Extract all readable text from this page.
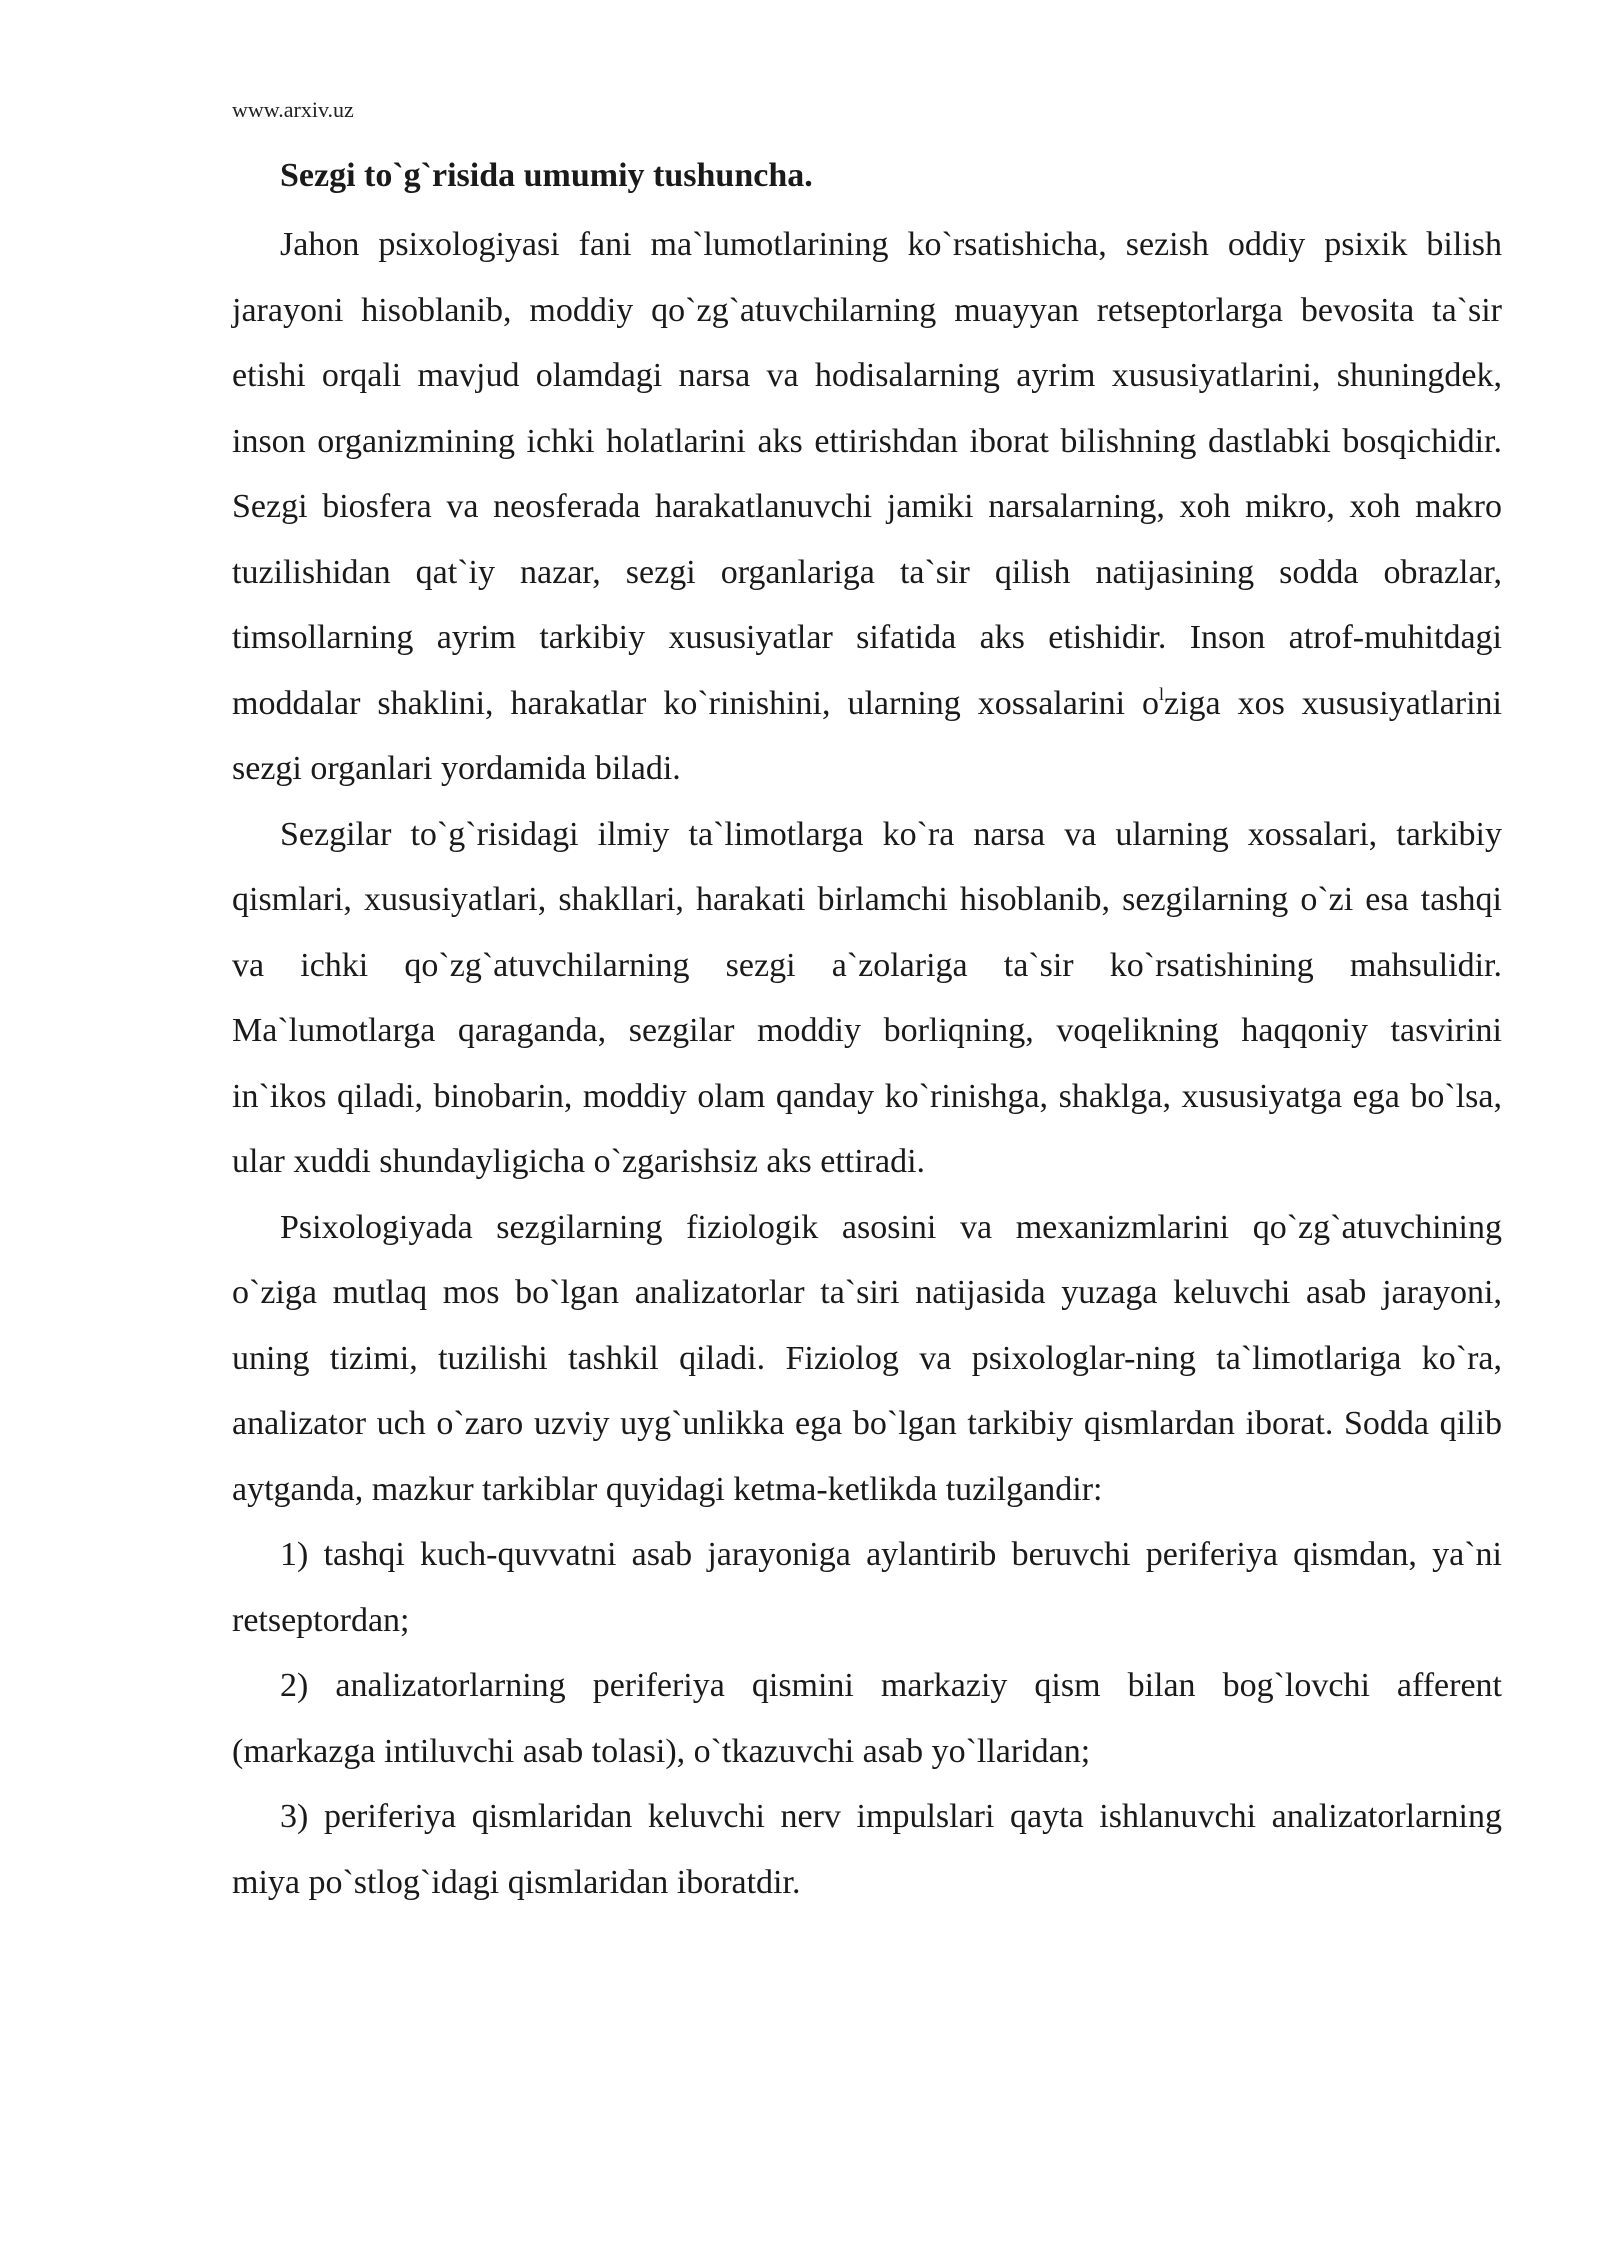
www.arxiv.uz

Sezgi to`g`risida umumiy tushuncha.

Jahon psixologiyasi fani ma`lumotlarining ko`rsatishicha, sezish oddiy psixik bilish jarayoni hisoblanib, moddiy qo`zg`atuvchilarning muayyan retseptorlarga bevosita ta`sir etishi orqali mavjud olamdagi narsa va hodisalarning ayrim xususiyatlarini, shuningdek, inson organizmining ichki holatlarini aks ettirishdan iborat bilishning dastlabki bosqichidir. Sezgi biosfera va neosferada harakatlanuvchi jamiki narsalarning, xoh mikro, xoh makro tuzilishidan qat`iy nazar, sezgi organlariga ta`sir qilish natijasining sodda obrazlar, timsollarning ayrim tarkibiy xususiyatlar sifatida aks etishidir. Inson atrof-muhitdagi moddalar shaklini, harakatlar ko`rinishini, ularning xossalarini $o^lziga$ xos xususiyatlarini sezgi organlari yordamida biladi.

Sezgilar to`g`risidagi ilmiy ta`limotlarga ko`ra narsa va ularning xossalari, tarkibiy qismlari, xususiyatlari, shakllari, harakati birlamchi hisoblanib, sezgilarning o`zi esa tashqi va ichki qo`zg`atuvchilarning sezgi a`zolariga ta`sir ko`rsatishining mahsulidir. Ma`lumotlarga qaraganda, sezgilar moddiy borliqning, voqelikning haqqoniy tasvirini in`ikos qiladi, binobarin, moddiy olam qanday ko`rinishga, shaklga, xususiyatga ega bo`lsa, ular xuddi shundayligicha o`zgarishsiz aks ettiradi.

Psixologiyada sezgilarning fiziologik asosini va mexanizmlarini qo`zg`atuvchining o`ziga mutlaq mos bo`lgan analizatorlar ta`siri natijasida yuzaga keluvchi asab jarayoni, uning tizimi, tuzilishi tashkil qiladi. Fiziolog va psixologlar-ning ta`limotlariga ko`ra, analizator uch o`zaro uzviy uyg`unlikka ega bo`lgan tarkibiy qismlardan iborat. Sodda qilib aytganda, mazkur tarkiblar quyidagi ketma-ketlikda tuzilgandir:

1) tashqi kuch-quvvatni asab jarayoniga aylantirib beruvchi periferiya qismdan, ya`ni retseptordan;

2) analizatorlarning periferiya qismini markaziy qism bilan bog`lovchi afferent (markazga intiluvchi asab tolasi), o`tkazuvchi asab yo`llaridan;

3) periferiya qismlaridan keluvchi nerv impulslari qayta ishlanuvchi analizatorlarning miya po`stlog`idagi qismlaridan iboratdir.
